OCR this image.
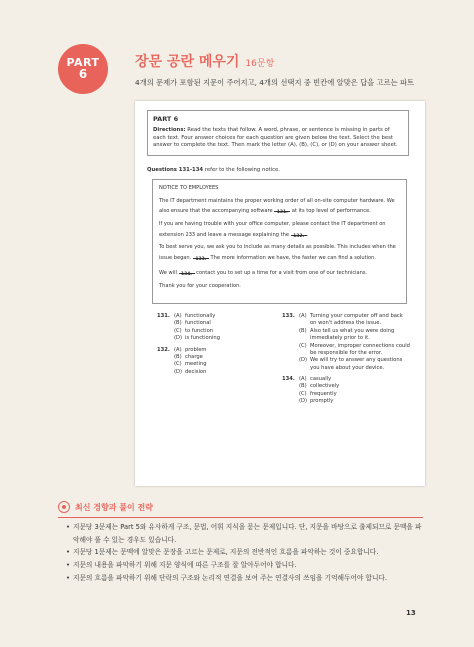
PART
6
장문 공란 메우기 16문항
4개의 문제가 포함된 지문이 주어지고, 4개의 선택지 중 빈칸에 알맞은 답을 고르는 파트
PART 6
Directions: Read the texts that follow. A word, phrase, or sentence is missing in parts of each text. Four answer choices for each question are given below the text. Select the best answer to complete the text. Then mark the letter (A), (B), (C), or (D) on your answer sheet.
Questions 131-134 refer to the following notice.

NOTICE TO EMPLOYEES

The IT department maintains the proper working order of all on-site computer hardware. We also ensure that the accompanying software 131. at its top level of performance.

If you are having trouble with your office computer, please contact the IT department on extension 233 and leave a message explaining the 132. .

To best serve you, we ask you to include as many details as possible. This includes when the issue began. 133. The more information we have, the faster we can find a solution.

We will 134. contact you to set up a time for a visit from one of our technicians.

Thank you for your cooperation.

131. (A) functionally
(B) functional
(C) to function
(D) is functioning
132. (A) problem
(B) charge
(C) meeting
(D) decision
133. (A) Turning your computer off and back on won't address the issue.
(B) Also tell us what you were doing immediately prior to it.
(C) Moreover, improper connections could be responsible for the error.
(D) We will try to answer any questions you have about your device.
134. (A) casually
(B) collectively
(C) frequently
(D) promptly
최신 경향과 풀이 전략
• 지문당 3문제는 Part 5와 유사하게 구조, 문법, 어휘 지식을 묻는 문제입니다. 단, 지문을 바탕으로 출제되므로 문맥을 파악해야 풀 수 있는 경우도 있습니다.
• 지문당 1문제는 문맥에 알맞은 문장을 고르는 문제로, 지문의 전반적인 흐름을 파악하는 것이 중요합니다.
• 지문의 내용을 파악하기 위해 지문 양식에 따른 구조를 잘 알아두어야 합니다.
• 지문의 흐름을 파악하기 위해 단락의 구조와 논리적 연결을 보여 주는 연결사의 쓰임을 기억해두어야 합니다.
13
